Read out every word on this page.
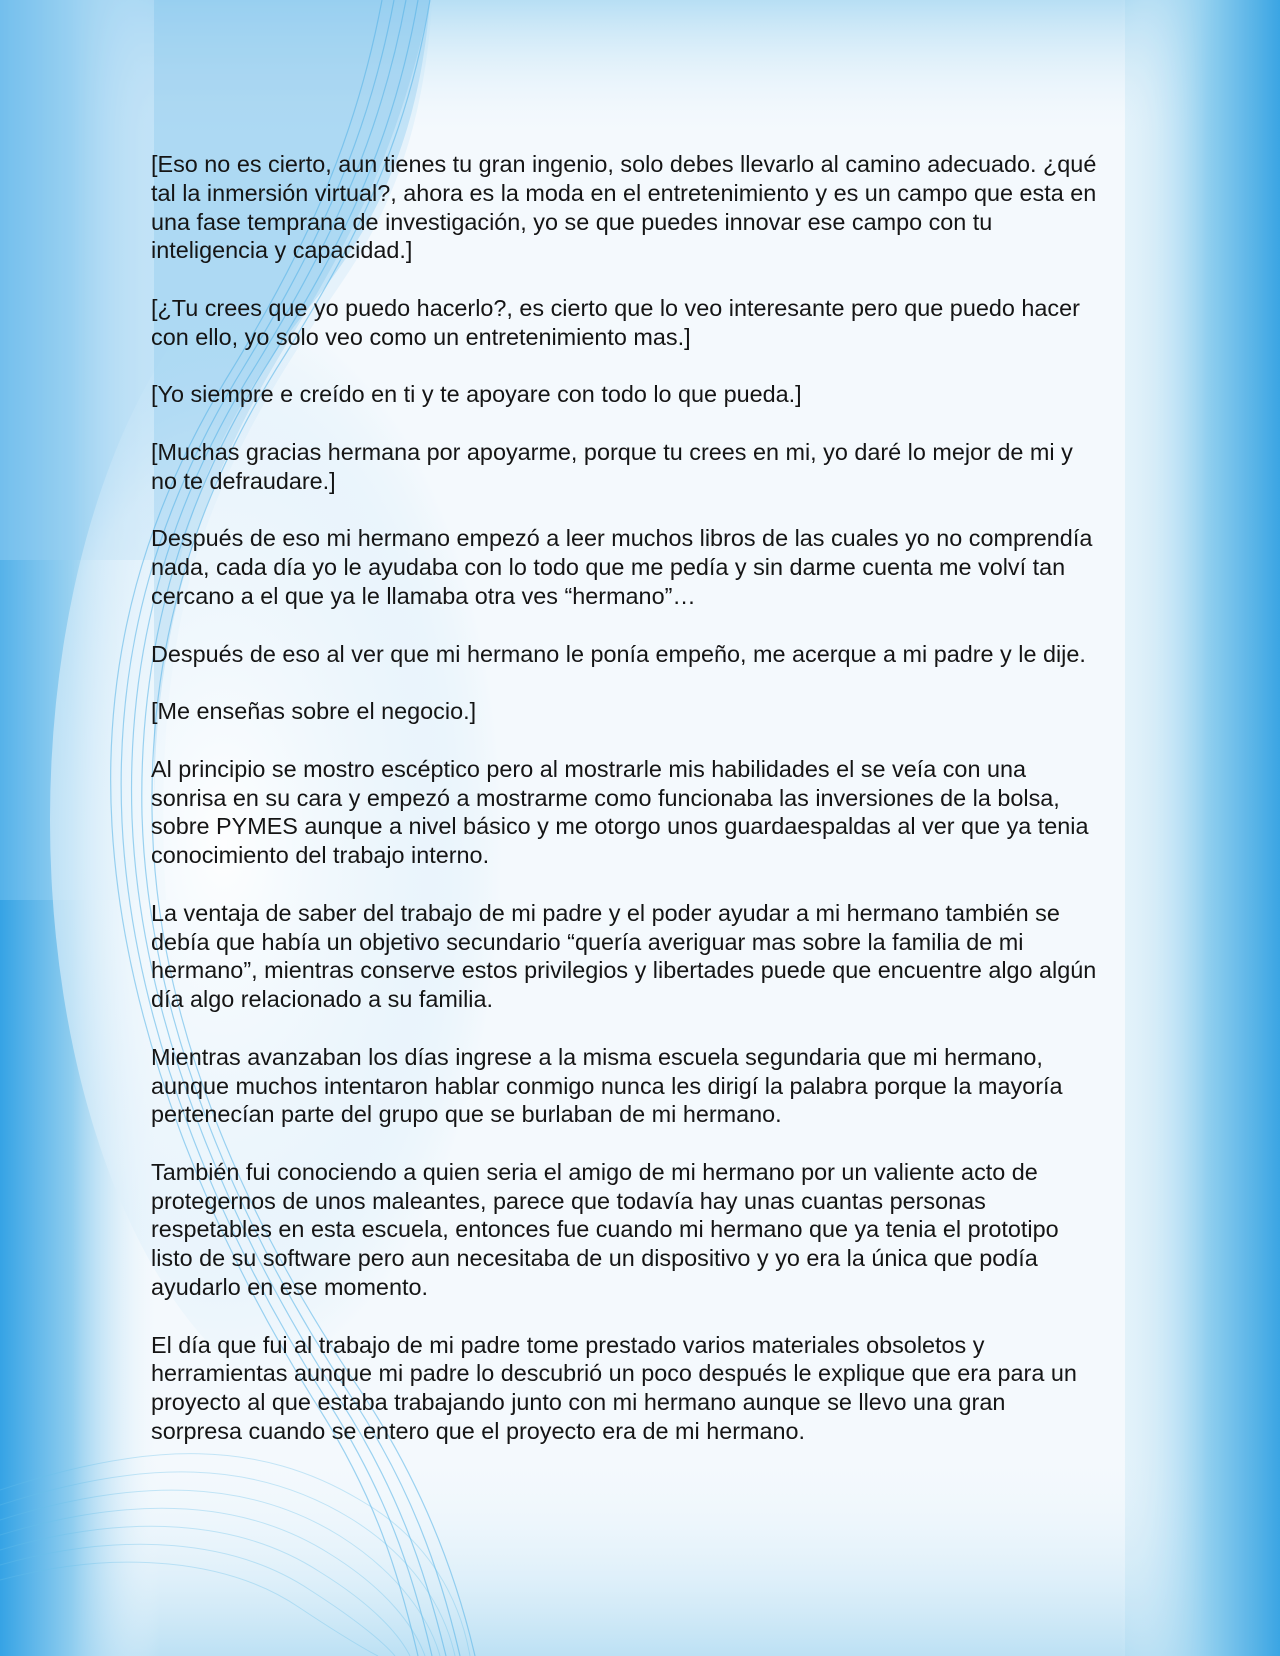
[Eso no es cierto, aun tienes tu gran ingenio, solo debes llevarlo al camino adecuado. ¿qué tal la inmersión virtual?, ahora es la moda en el entretenimiento y es un campo que esta en una fase temprana de investigación, yo se que puedes innovar ese campo con tu inteligencia y capacidad.]

[¿Tu crees que yo puedo hacerlo?, es cierto que lo veo interesante pero que puedo hacer con ello, yo solo veo como un entretenimiento mas.]

[Yo siempre e creído en ti y te apoyare con todo lo que pueda.]

[Muchas gracias hermana por apoyarme, porque tu crees en mi, yo daré lo mejor de mi y no te defraudare.]

Después de eso mi hermano empezó a leer muchos libros de las cuales yo no comprendía nada, cada día yo le ayudaba con lo todo que me pedía y sin darme cuenta me volví tan cercano a el que ya le llamaba otra ves “hermano”…

Después de eso al ver que mi hermano le ponía empeño, me acerque a mi padre y le dije.

[Me enseñas sobre el negocio.]

Al principio se mostro escéptico pero al mostrarle mis habilidades el se veía con una sonrisa en su cara y empezó a mostrarme como funcionaba las inversiones de la bolsa, sobre PYMES aunque a nivel básico y me otorgo unos guardaespaldas al ver que ya tenia conocimiento del trabajo interno.

La ventaja de saber del trabajo de mi padre y el poder ayudar a mi hermano también se debía que había un objetivo secundario “quería averiguar mas sobre la familia de mi hermano”, mientras conserve estos privilegios y libertades puede que encuentre algo algún día algo relacionado a su familia.

Mientras avanzaban los días ingrese a la misma escuela segundaria que mi hermano, aunque muchos intentaron hablar conmigo nunca les dirigí la palabra porque la mayoría pertenecían parte del grupo que se burlaban de mi hermano.

También fui conociendo a quien seria el amigo de mi hermano por un valiente acto de protegernos de unos maleantes, parece que todavía hay unas cuantas personas respetables en esta escuela, entonces fue cuando mi hermano que ya tenia el prototipo listo de su software pero aun necesitaba de un dispositivo y yo era la única que podía ayudarlo en ese momento.

El día que fui al trabajo de mi padre tome prestado varios materiales obsoletos y herramientas aunque mi padre lo descubrió un poco después le explique que era para un proyecto al que estaba trabajando junto con mi hermano aunque se llevo una gran sorpresa cuando se entero que el proyecto era de mi hermano.
